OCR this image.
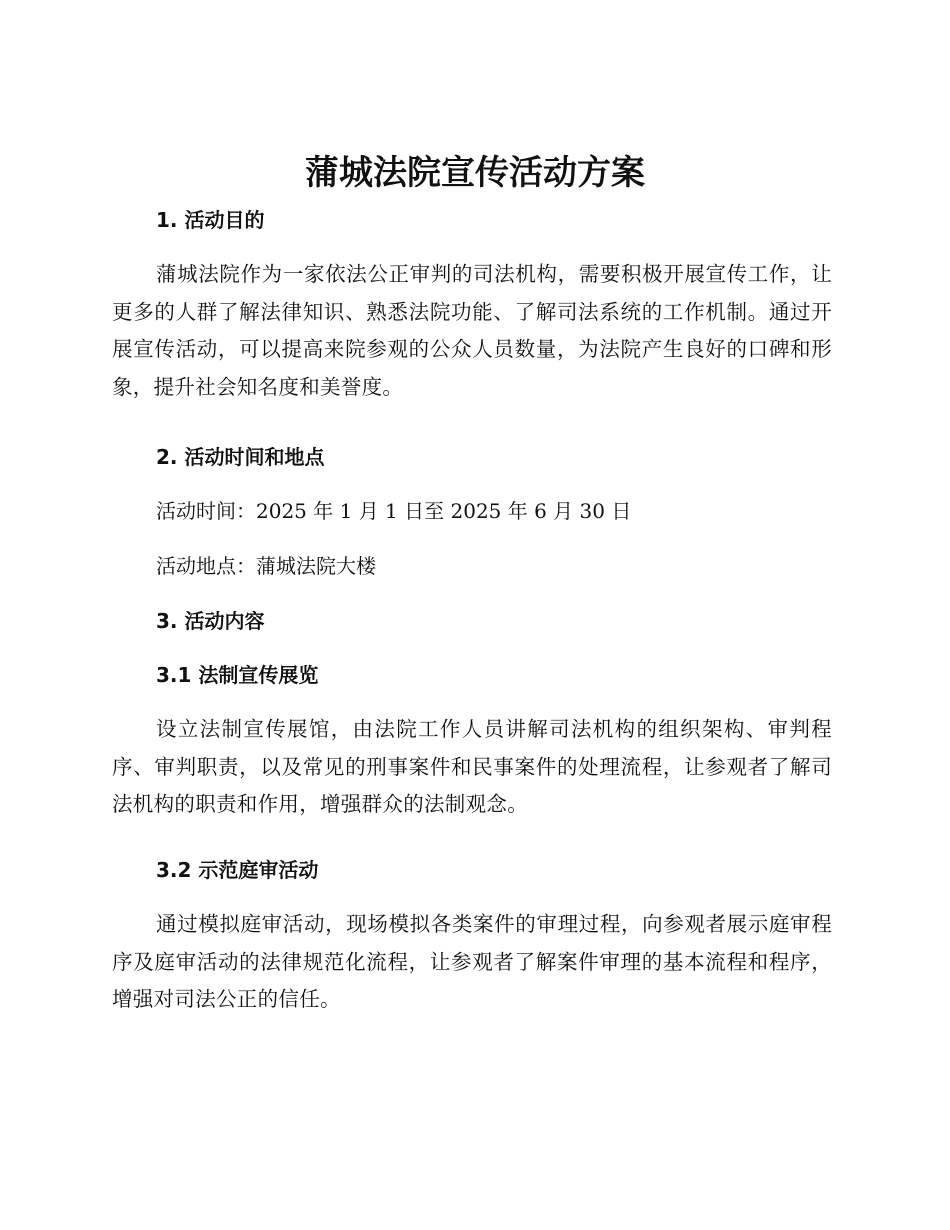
蒲城法院宣传活动方案
1. 活动目的

蒲城法院作为一家依法公正审判的司法机构，需要积极开展宣传工作，让更多的人群了解法律知识、熟悉法院功能、了解司法系统的工作机制。通过开展宣传活动，可以提高来院参观的公众人员数量，为法院产生良好的口碑和形象，提升社会知名度和美誉度。

2. 活动时间和地点

活动时间：2025 年 1 月 1 日至 2025 年 6 月 30 日

活动地点：蒲城法院大楼

3. 活动内容
3.1 法制宣传展览

设立法制宣传展馆，由法院工作人员讲解司法机构的组织架构、审判程序、审判职责，以及常见的刑事案件和民事案件的处理流程，让参观者了解司法机构的职责和作用，增强群众的法制观念。

3.2 示范庭审活动

通过模拟庭审活动，现场模拟各类案件的审理过程，向参观者展示庭审程序及庭审活动的法律规范化流程，让参观者了解案件审理的基本流程和程序，增强对司法公正的信任。
